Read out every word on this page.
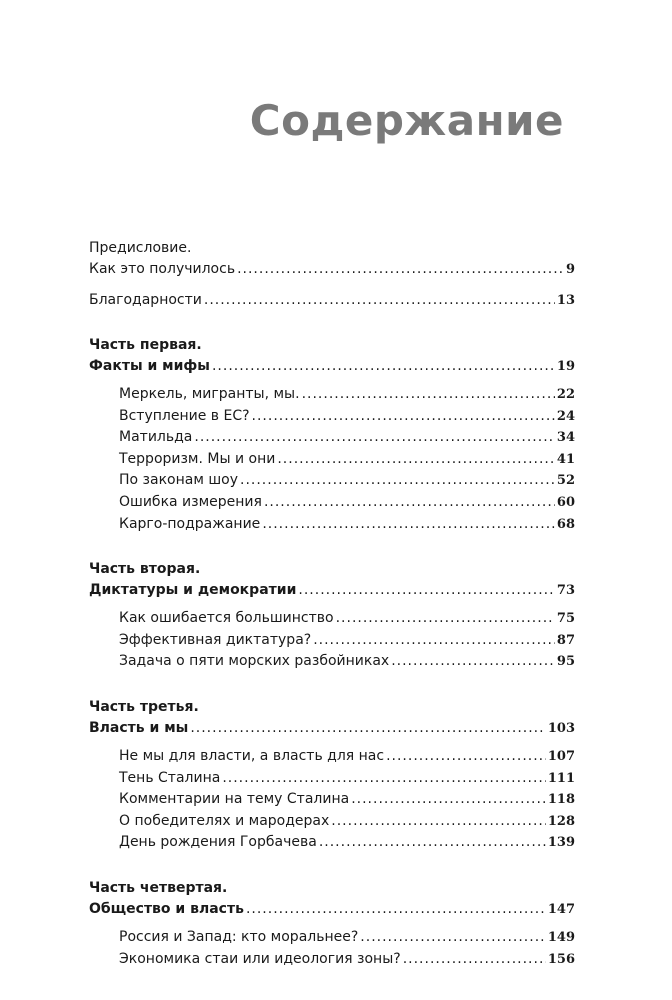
Содержание
Предисловие.
Как это получилось .....	9
Благодарности .....	13
Часть первая.
Факты и мифы .....	19
Меркель, мигранты, мы. .....	22
Вступление в ЕС? .....	24
Матильда .....	34
Терроризм. Мы и они .....	41
По законам шоу .....	52
Ошибка измерения .....	60
Карго-подражание .....	68
Часть вторая.
Диктатуры и демократии .....	73
Как ошибается большинство .....	75
Эффективная диктатура? .....	87
Задача о пяти морских разбойниках .....	95
Часть третья.
Власть и мы .....	103
Не мы для власти, а власть для нас .....	107
Тень Сталина .....	111
Комментарии на тему Сталина .....	118
О победителях и мародерах .....	128
День рождения Горбачева .....	139
Часть четвертая.
Общество и власть .....	147
Россия и Запад: кто моральнее? .....	149
Экономика стаи или идеология зоны? .....	156
